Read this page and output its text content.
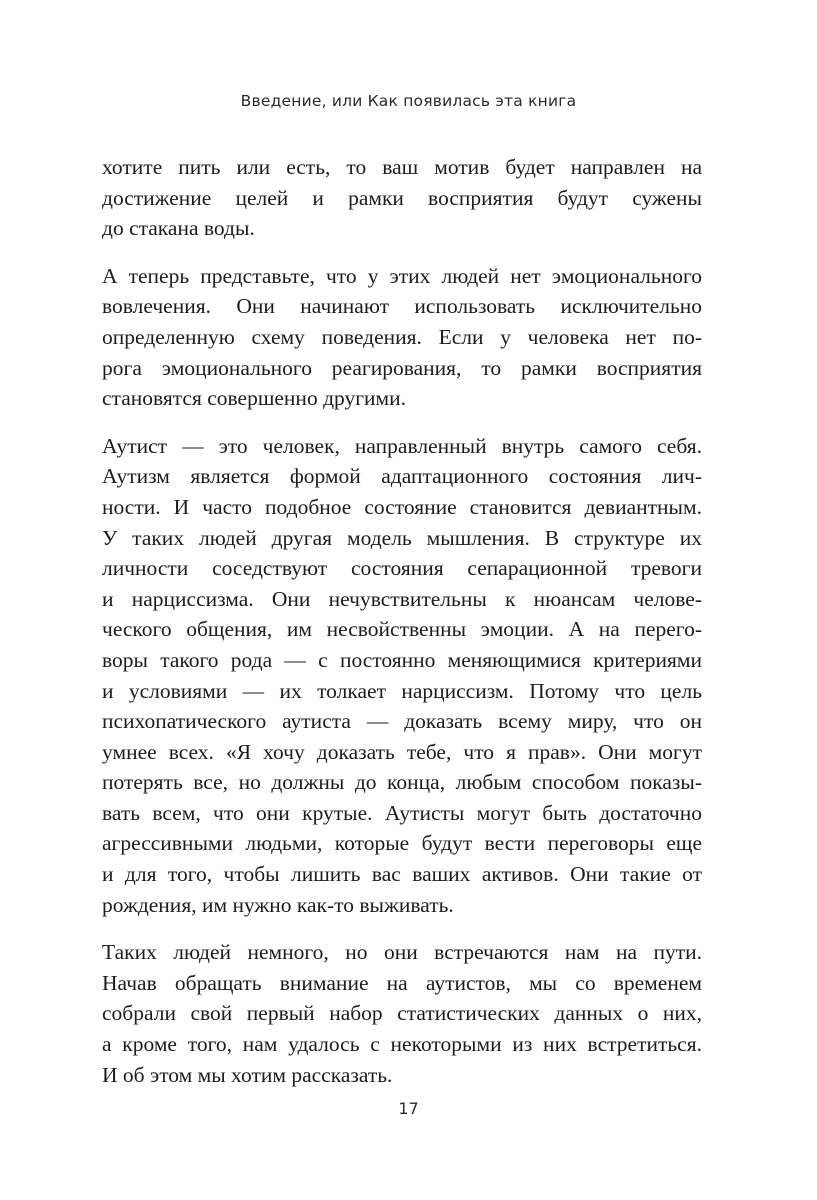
Введение, или Как появилась эта книга

хотите пить или есть, то ваш мотив будет направлен на
достижение целей и рамки восприятия будут сужены
до стакана воды.

А теперь представьте, что у этих людей нет эмоционального
вовлечения. Они начинают использовать исключительно
определенную схему поведения. Если у человека нет по-
рога эмоционального реагирования, то рамки восприятия
становятся совершенно другими.

Аутист — это человек, направленный внутрь самого себя.
Аутизм является формой адаптационного состояния лич-
ности. И часто подобное состояние становится девиантным.
У таких людей другая модель мышления. В структуре их
личности соседствуют состояния сепарационной тревоги
и нарциссизма. Они нечувствительны к нюансам челове-
ческого общения, им несвойственны эмоции. А на перего-
воры такого рода — с постоянно меняющимися критериями
и условиями — их толкает нарциссизм. Потому что цель
психопатического аутиста — доказать всему миру, что он
умнее всех. «Я хочу доказать тебе, что я прав». Они могут
потерять все, но должны до конца, любым способом показы-
вать всем, что они крутые. Аутисты могут быть достаточно
агрессивными людьми, которые будут вести переговоры еще
и для того, чтобы лишить вас ваших активов. Они такие от
рождения, им нужно как-то выживать.

Таких людей немного, но они встречаются нам на пути.
Начав обращать внимание на аутистов, мы со временем
собрали свой первый набор статистических данных о них,
а кроме того, нам удалось с некоторыми из них встретиться.
И об этом мы хотим рассказать.

17
